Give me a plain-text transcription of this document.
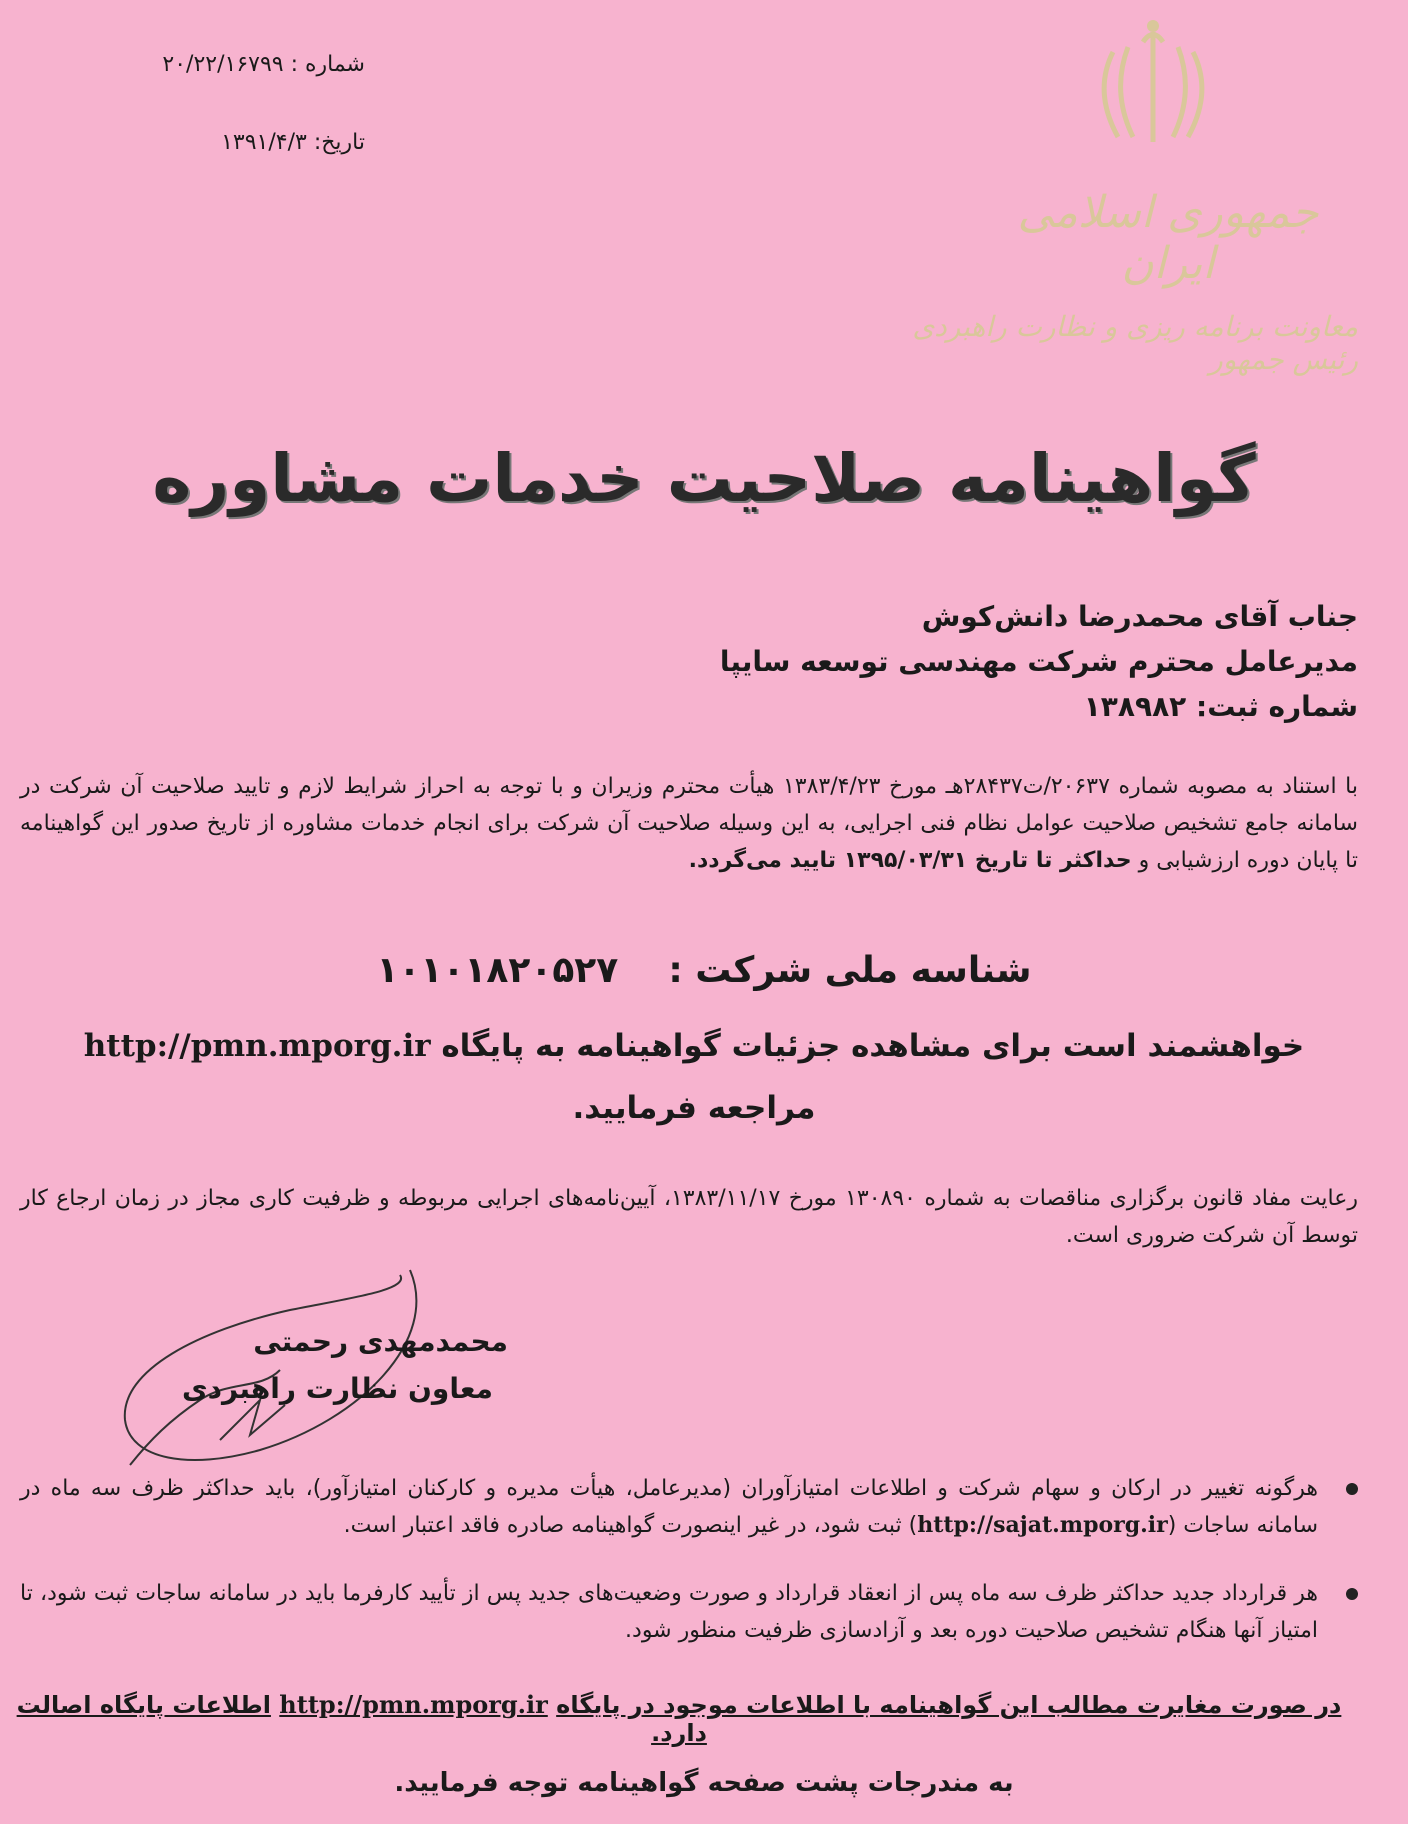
شماره : ۲۰/۲۲/۱۶۷۹۹
تاریخ: ۱۳۹۱/۴/۳
جمهوری اسلامی ایران
معاونت برنامه ریزی و نظارت راهبردی رئیس جمهور
گواهینامه صلاحیت خدمات مشاوره
جناب آقای محمدرضا دانش‌کوش
مدیرعامل محترم شرکت مهندسی توسعه سایپا
شماره ثبت: ۱۳۸۹۸۲
با استناد به مصوبه شماره ۲۰۶۳۷/ت۲۸۴۳۷هـ مورخ ۱۳۸۳/۴/۲۳ هیأت محترم وزیران و با توجه به احراز شرایط لازم و تایید صلاحیت آن شرکت در سامانه جامع تشخیص صلاحیت عوامل نظام فنی اجرایی، به این وسیله صلاحیت آن شرکت برای انجام خدمات مشاوره از تاریخ صدور این گواهینامه تا پایان دوره ارزشیابی و حداکثر تا تاریخ ۱۳۹۵/۰۳/۳۱ تایید می‌گردد.
شناسه ملی شرکت :    ۱۰۱۰۱۸۲۰۵۲۷
خواهشمند است برای مشاهده جزئیات گواهینامه به پایگاه http://pmn.mporg.ir مراجعه فرمایید.
رعایت مفاد قانون برگزاری مناقصات به شماره ۱۳۰۸۹۰ مورخ ۱۳۸۳/۱۱/۱۷، آیین‌نامه‌های اجرایی مربوطه و ظرفیت کاری مجاز در زمان ارجاع کار توسط آن شرکت ضروری است.
محمدمهدی رحمتی
معاون نظارت راهبردی
هرگونه تغییر در ارکان و سهام شرکت و اطلاعات امتیازآوران (مدیرعامل، هیأت مدیره و کارکنان امتیازآور)، باید حداکثر ظرف سه ماه در سامانه ساجات (http://sajat.mporg.ir) ثبت شود، در غیر اینصورت گواهینامه صادره فاقد اعتبار است.
هر قرارداد جدید حداکثر ظرف سه ماه پس از انعقاد قرارداد و صورت وضعیت‌های جدید پس از تأیید کارفرما باید در سامانه ساجات ثبت شود، تا امتیاز آنها هنگام تشخیص صلاحیت دوره بعد و آزادسازی ظرفیت منظور شود.
در صورت مغایرت مطالب این گواهینامه با اطلاعات موجود در پایگاه http://pmn.mporg.ir اطلاعات پایگاه اصالت دارد.
به مندرجات پشت صفحه گواهینامه توجه فرمایید.
